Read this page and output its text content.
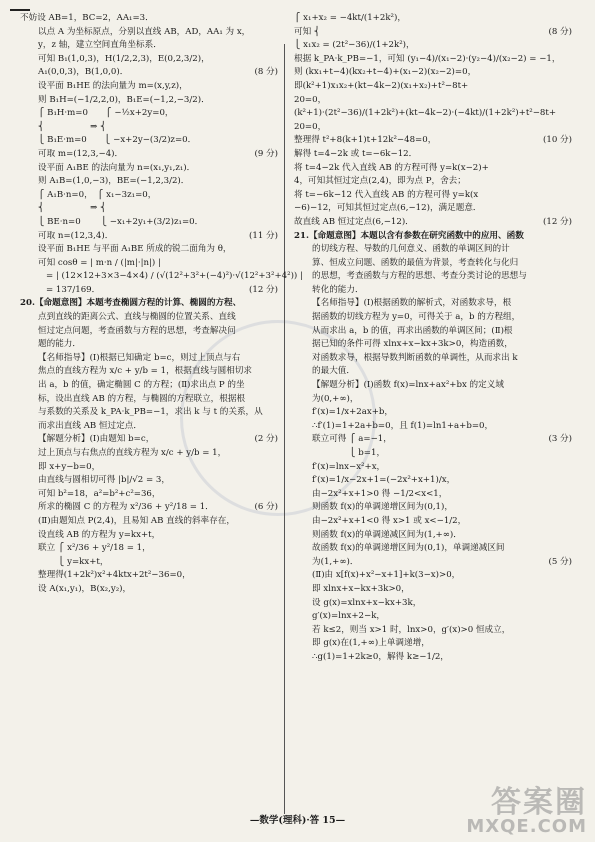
不妨设 AB=1，BC=2，AA₁=3．
以点 A 为坐标原点，分别以直线 AB，AD，AA₁ 为 x，
y，z 轴，建立空间直角坐标系．
可知 B₁(1,0,3)，H(1/2,2,3)，E(0,2,3/2)，
A₁(0,0,3)，B(1,0,0)．	(8 分)
设平面 B₁HE 的法向量为 m=(x,y,z)，
则 B₁H=(−1/2,2,0)，B₁E=(−1,2,−3/2)．
⎧ B₁H·m=0　　⎧ −½x+2y=0，
⎨　　　　　 ⇒ ⎨
⎩ B₁E·m=0　　⎩ −x+2y−(3/2)z=0．
可取 m=(12,3,−4)．	(9 分)
设平面 A₁BE 的法向量为 n=(x₁,y₁,z₁)．
则 A₁B=(1,0,−3)，BE=(−1,2,3/2)．
⎧ A₁B·n=0，　⎧ x₁−3z₁=0，
⎨　　　　　 ⇒ ⎨
⎩ BE·n=0　　 ⎩ −x₁+2y₁+(3/2)z₁=0．
可取 n=(12,3,4)．	(11 分)
设平面 B₁HE 与平面 A₁BE 所成的锐二面角为 θ，
可知 cosθ = | m·n / (|m|·|n|) |
= | (12×12+3×3−4×4) / (√(12²+3²+(−4)²)·√(12²+3²+4²)) |
= 137/169．	(12 分)
20.【命题意图】本题考查椭圆方程的计算、椭圆的方程、
点到直线的距离公式、直线与椭圆的位置关系、直线
恒过定点问题，考查函数与方程的思想，考查解决问
题的能力．
【名师指导】(Ⅰ)根据已知确定 b=c，则过上顶点与右
焦点的直线方程为 x/c + y/b = 1，根据直线与圆相切求
出 a，b 的值，确定椭圆 C 的方程；(Ⅱ)求出点 P 的坐
标，设出直线 AB 的方程，与椭圆的方程联立，根据根
与系数的关系及 k_PA·k_PB=−1，求出 k 与 t 的关系，从
而求出直线 AB 恒过定点．
【解题分析】(Ⅰ)由题知 b=c，	(2 分)
过上顶点与右焦点的直线方程为 x/c + y/b = 1，
即 x+y−b=0，
由直线与圆相切可得 |b|/√2 = 3，
可知 b²=18，a²=b²+c²=36，
所求的椭圆 C 的方程为 x²/36 + y²/18 = 1．	(6 分)
(Ⅱ)由题知点 P(2,4)，且易知 AB 直线的斜率存在，
设直线 AB 的方程为 y=kx+t，
联立 ⎧ x²/36 + y²/18 = 1，
　　 ⎩ y=kx+t，
整理得(1+2k²)x²+4ktx+2t²−36=0，
设 A(x₁,y₁)，B(x₂,y₂)，
⎧ x₁+x₂ = −4kt/(1+2k²)，
可知 ⎨	(8 分)
⎩ x₁x₂ = (2t²−36)/(1+2k²)，
根据 k_PA·k_PB=−1，可知 (y₁−4)/(x₁−2)·(y₂−4)/(x₂−2) = −1，
则 (kx₁+t−4)(kx₂+t−4)+(x₁−2)(x₂−2)=0，
即(k²+1)x₁x₂+(kt−4k−2)(x₁+x₂)+t²−8t+
20=0，
(k²+1)·(2t²−36)/(1+2k²)+(kt−4k−2)·(−4kt)/(1+2k²)+t²−8t+
20=0，
整理得 t²+8(k+1)t+12k²−48=0，	(10 分)
解得 t=4−2k 或 t=−6k−12．
将 t=4−2k 代入直线 AB 的方程可得 y=k(x−2)+
4，可知其恒过定点(2,4)，即为点 P，舍去；
将 t=−6k−12 代入直线 AB 的方程可得 y=k(x
−6)−12，可知其恒过定点(6,−12)，满足题意．
故直线 AB 恒过定点(6,−12)．	(12 分)
21.【命题意图】本题以含有参数在研究函数中的应用、函数
的切线方程、导数的几何意义、函数的单调区间的计
算、恒成立问题、函数的最值为背景，考查转化与化归
的思想，考查函数与方程的思想、考查分类讨论的思想与
转化的能力．
【名师指导】(Ⅰ)根据函数的解析式，对函数求导，根
据函数的切线方程为 y=0，可得关于 a，b 的方程组，
从而求出 a，b 的值，再求出函数的单调区间；(Ⅱ)根
据已知的条件可得 xlnx+x−kx+3k>0，构造函数，
对函数求导，根据导数判断函数的单调性，从而求出 k
的最大值．
【解题分析】(Ⅰ)函数 f(x)=lnx+ax²+bx 的定义域
为(0,+∞)，
f′(x)=1/x+2ax+b，
∴f′(1)=1+2a+b=0，且 f(1)=ln1+a+b=0，
联立可得 ⎧ a=−1，	(3 分)
　　　　 ⎩ b=1，
f′(x)=lnx−x²+x，
f′(x)=1/x−2x+1=(−2x²+x+1)/x，
由−2x²+x+1>0 得 −1/2<x<1，
则函数 f(x)的单调递增区间为(0,1)，
由−2x²+x+1<0 得 x>1 或 x<−1/2，
则函数 f(x)的单调递减区间为(1,+∞)．
故函数 f(x)的单调递增区间为(0,1)，单调递减区间
为(1,+∞)．	(5 分)
(Ⅱ)由 x[f(x)+x²−x+1]+k(3−x)>0，
即 xlnx+x−kx+3k>0，
设 g(x)=xlnx+x−kx+3k，
g′(x)=lnx+2−k，
若 k≤2，则当 x>1 时，lnx>0，g′(x)>0 恒成立，
即 g(x)在(1,+∞)上单调递增，
∴g(1)=1+2k≥0，解得 k≥−1/2，
—数学(理科)·答 15—
答案圈
MXQE.COM
